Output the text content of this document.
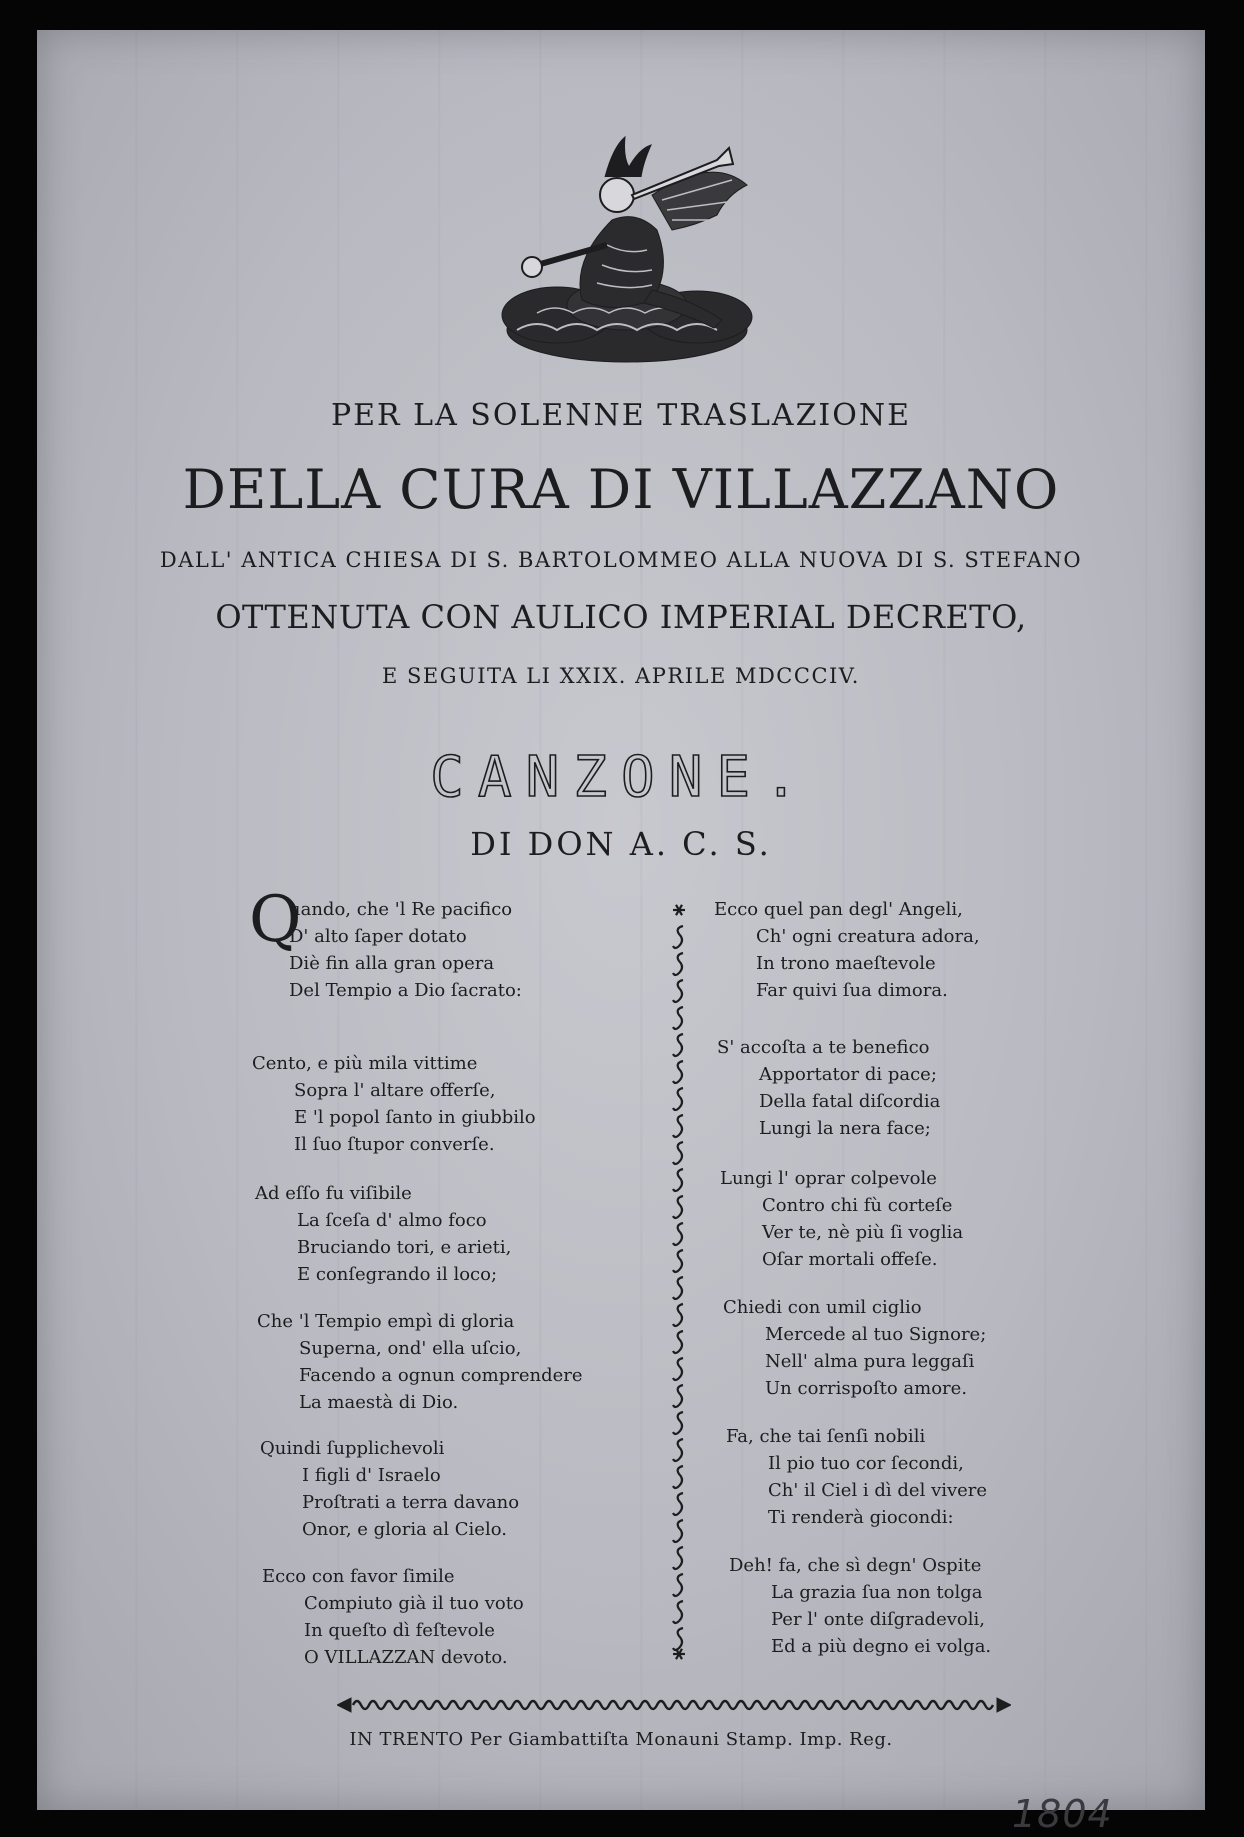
PER LA SOLENNE TRASLAZIONE
DELLA CURA DI VILLAZZANO
DALL' ANTICA CHIESA DI S. BARTOLOMMEO ALLA NUOVA DI S. STEFANO
OTTENUTA CON AULICO IMPERIAL DECRETO,
E SEGUITA LI XXIX. APRILE MDCCCIV.
CANZONE.
DI DON A. C. S.
Q
uando, che 'l Re pacifico
D' alto ſaper dotato
Diè fin alla gran opera
Del Tempio a Dio ſacrato:
Cento, e più mila vittime
Sopra l' altare offerſe,
E 'l popol ſanto in giubbilo
Il ſuo ſtupor converſe.
Ad eſſo fu viſibile
La ſceſa d' almo foco
Bruciando tori, e arieti,
E conſegrando il loco;
Che 'l Tempio empì di gloria
Superna, ond' ella uſcio,
Facendo a ognun comprendere
La maestà di Dio.
Quindi ſupplichevoli
I figli d' Israelo
Proſtrati a terra davano
Onor, e gloria al Cielo.
Ecco con favor ſimile
Compiuto già il tuo voto
In queſto dì feſtevole
O VILLAZZAN devoto.
Ecco quel pan degl' Angeli,
Ch' ogni creatura adora,
In trono maeſtevole
Far quivi ſua dimora.
S' accoſta a te benefico
Apportator di pace;
Della fatal diſcordia
Lungi la nera face;
Lungi l' oprar colpevole
Contro chi fù corteſe
Ver te, nè più ſi voglia
Oſar mortali offeſe.
Chiedi con umil ciglio
Mercede al tuo Signore;
Nell' alma pura leggaſi
Un corrispoſto amore.
Fa, che tai ſenſi nobili
Il pio tuo cor ſecondi,
Ch' il Ciel i dì del vivere
Ti renderà giocondi:
Deh! fa, che sì degn' Ospite
La grazia ſua non tolga
Per l' onte diſgradevoli,
Ed a più degno ei volga.
IN TRENTO Per Giambattiſta Monauni Stamp. Imp. Reg.
1804
